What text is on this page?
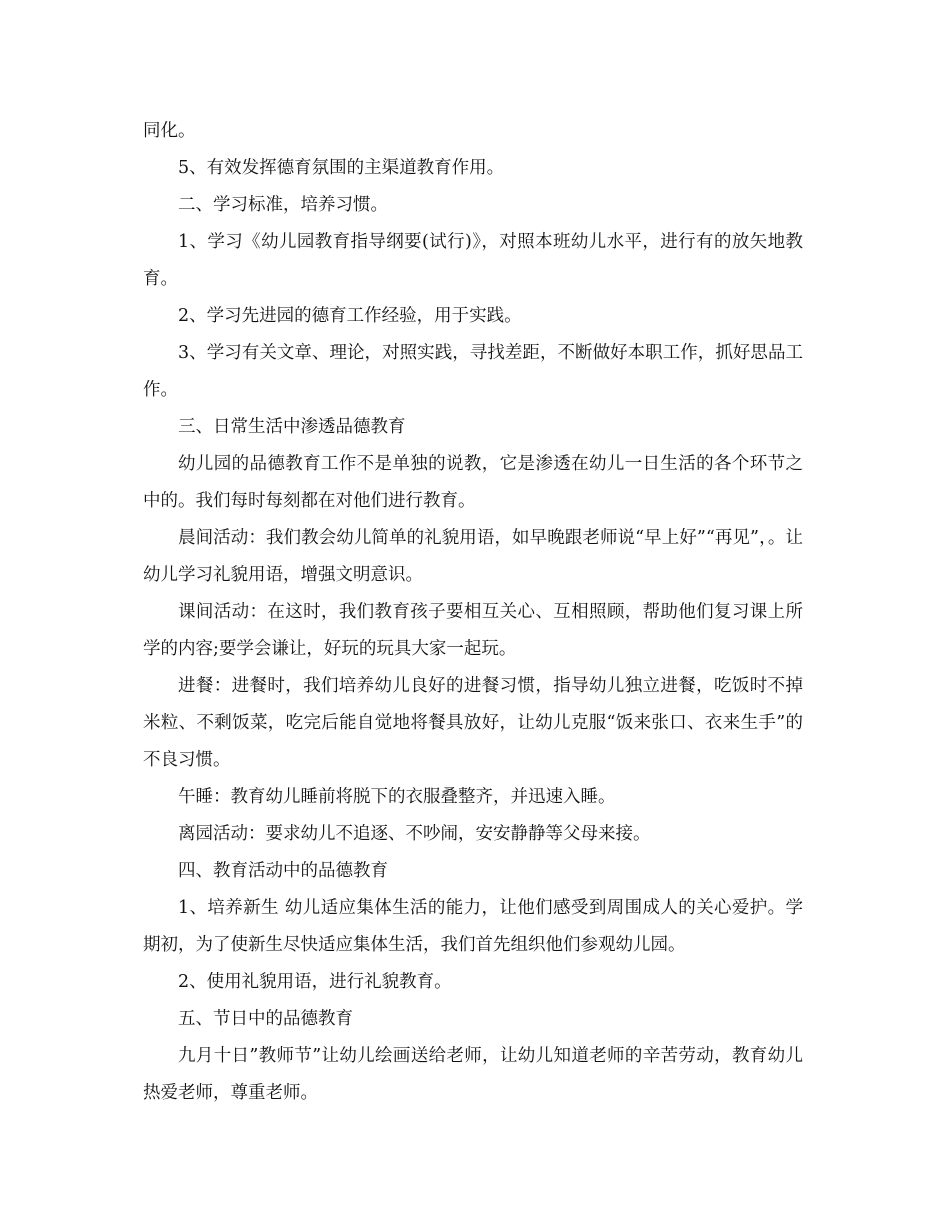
同化。

5、有效发挥德育氛围的主渠道教育作用。

二、学习标准，培养习惯。

1、学习《幼儿园教育指导纲要(试行)》，对照本班幼儿水平，进行有的放矢地教育。

2、学习先进园的德育工作经验，用于实践。

3、学习有关文章、理论，对照实践，寻找差距，不断做好本职工作，抓好思品工作。

三、日常生活中渗透品德教育

幼儿园的品德教育工作不是单独的说教，它是渗透在幼儿一日生活的各个环节之中的。我们每时每刻都在对他们进行教育。

晨间活动：我们教会幼儿简单的礼貌用语，如早晚跟老师说“早上好”“再见”，。让幼儿学习礼貌用语，增强文明意识。

课间活动：在这时，我们教育孩子要相互关心、互相照顾，帮助他们复习课上所学的内容;要学会谦让，好玩的玩具大家一起玩。

进餐：进餐时，我们培养幼儿良好的进餐习惯，指导幼儿独立进餐，吃饭时不掉米粒、不剩饭菜，吃完后能自觉地将餐具放好，让幼儿克服“饭来张口、衣来生手”的不良习惯。

午睡：教育幼儿睡前将脱下的衣服叠整齐，并迅速入睡。

离园活动：要求幼儿不追逐、不吵闹，安安静静等父母来接。

四、教育活动中的品德教育

1、培养新生 幼儿适应集体生活的能力，让他们感受到周围成人的关心爱护。学期初，为了使新生尽快适应集体生活，我们首先组织他们参观幼儿园。

2、使用礼貌用语，进行礼貌教育。

五、节日中的品德教育

九月十日”教师节”让幼儿绘画送给老师，让幼儿知道老师的辛苦劳动，教育幼儿热爱老师，尊重老师。
